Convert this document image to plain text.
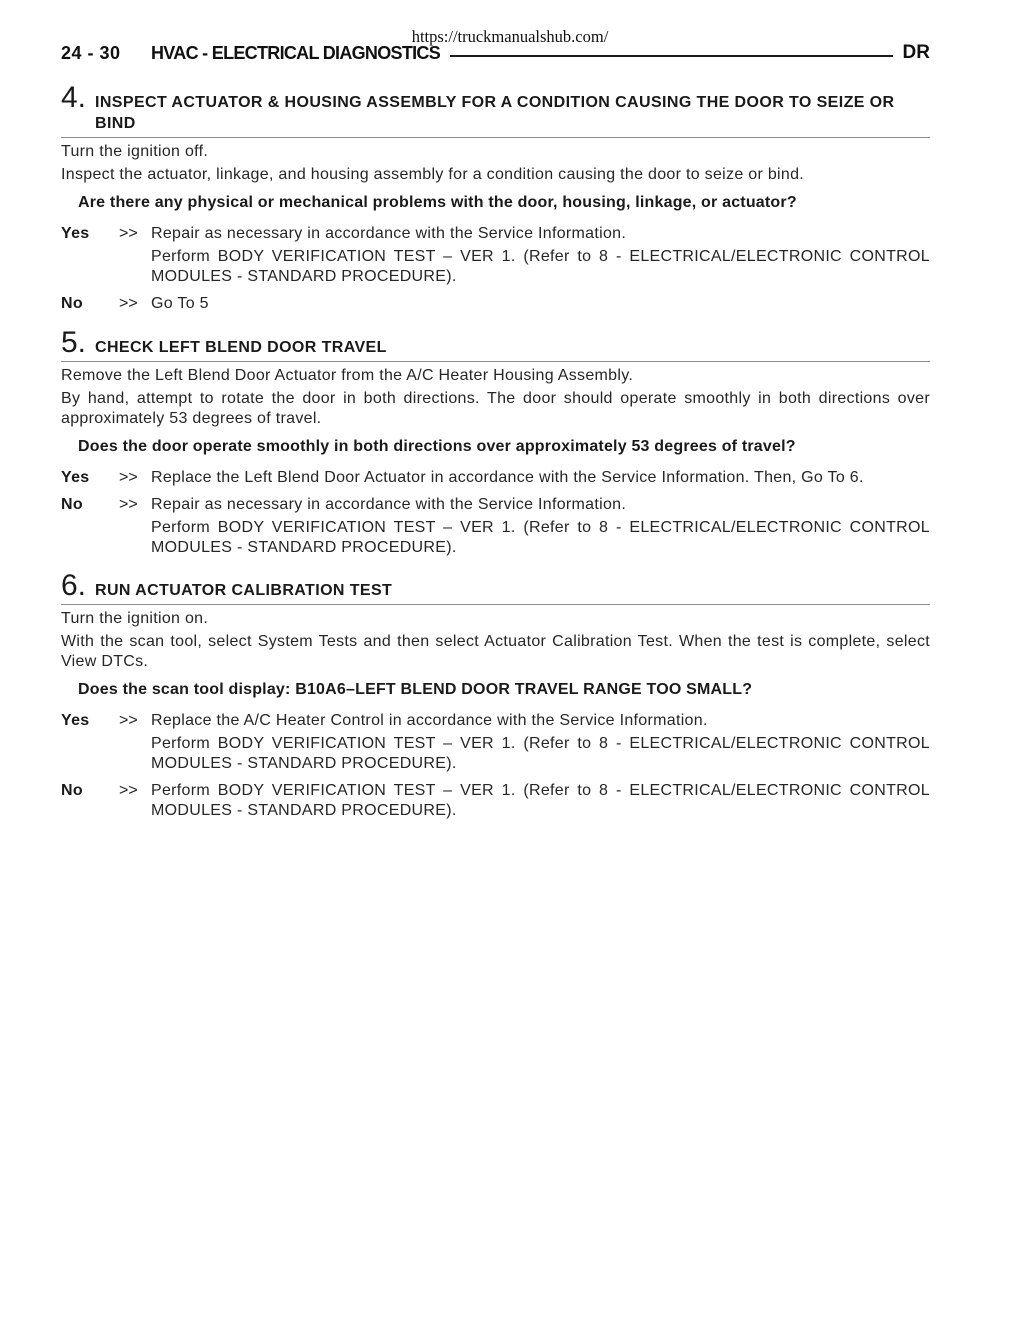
https://truckmanualshub.com/
24 - 30 HVAC - ELECTRICAL DIAGNOSTICS	DR
4. INSPECT ACTUATOR & HOUSING ASSEMBLY FOR A CONDITION CAUSING THE DOOR TO SEIZE OR BIND

Turn the ignition off.

Inspect the actuator, linkage, and housing assembly for a condition causing the door to seize or bind.

Are there any physical or mechanical problems with the door, housing, linkage, or actuator?
Yes	>> Repair as necessary in accordance with the Service Information.

Perform BODY VERIFICATION TEST – VER 1. (Refer to 8 - ELECTRICAL/ELECTRONIC CONTROL MODULES - STANDARD PROCEDURE).

No	>> Go To 5

5. CHECK LEFT BLEND DOOR TRAVEL

Remove the Left Blend Door Actuator from the A/C Heater Housing Assembly.

By hand, attempt to rotate the door in both directions. The door should operate smoothly in both directions over approximately 53 degrees of travel.

Does the door operate smoothly in both directions over approximately 53 degrees of travel?
Yes	>> Replace the Left Blend Door Actuator in accordance with the Service Information. Then, Go To 6.

No	>> Repair as necessary in accordance with the Service Information.

Perform BODY VERIFICATION TEST – VER 1. (Refer to 8 - ELECTRICAL/ELECTRONIC CONTROL MODULES - STANDARD PROCEDURE).

6. RUN ACTUATOR CALIBRATION TEST

Turn the ignition on.

With the scan tool, select System Tests and then select Actuator Calibration Test. When the test is complete, select View DTCs.

Does the scan tool display: B10A6–LEFT BLEND DOOR TRAVEL RANGE TOO SMALL?
Yes	>> Replace the A/C Heater Control in accordance with the Service Information.

Perform BODY VERIFICATION TEST – VER 1. (Refer to 8 - ELECTRICAL/ELECTRONIC CONTROL MODULES - STANDARD PROCEDURE).

No	>> Perform BODY VERIFICATION TEST – VER 1. (Refer to 8 - ELECTRICAL/ELECTRONIC CONTROL MODULES - STANDARD PROCEDURE).
